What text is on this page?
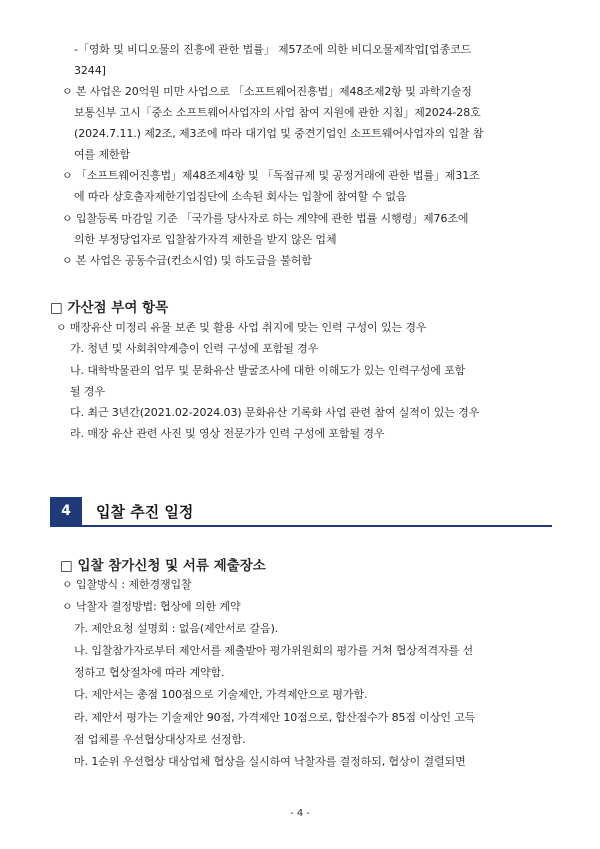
-「영화 및 비디오물의 진흥에 관한 법률」 제57조에 의한 비디오물제작업[업종코드
3244]
ㅇ 본 사업은 20억원 미만 사업으로 「소프트웨어진흥법」제48조제2항 및 과학기술정
보통신부 고시「중소 소프트웨어사업자의 사업 참여 지원에 관한 지침」제2024-28호
(2024.7.11.) 제2조, 제3조에 따라 대기업 및 중견기업인 소프트웨어사업자의 입찰 참
여를 제한함
ㅇ 「소프트웨어진흥법」제48조제4항 및 「독점규제 및 공정거래에 관한 법률」제31조
에 따라 상호출자제한기업집단에 소속된 회사는 입찰에 참여할 수 없음
ㅇ 입찰등록 마감일 기준 「국가를 당사자로 하는 계약에 관한 법률 시행령」제76조에
의한 부정당업자로 입찰참가자격 제한을 받지 않은 업체
ㅇ 본 사업은 공동수급(컨소시엄) 및 하도급을 불허함
□ 가산점 부여 항목
ㅇ 매장유산 미정리 유물 보존 및 활용 사업 취지에 맞는 인력 구성이 있는 경우
가. 청년 및 사회취약계층이 인력 구성에 포함될 경우
나. 대학박물관의 업무 및 문화유산 발굴조사에 대한 이해도가 있는 인력구성에 포함
될 경우
다. 최근 3년간(2021.02-2024.03) 문화유산 기록화 사업 관련 참여 실적이 있는 경우
라. 매장 유산 관련 사진 및 영상 전문가가 인력 구성에 포함될 경우
4	입찰 추진 일정
□ 입찰 참가신청 및 서류 제출장소
ㅇ 입찰방식 : 제한경쟁입찰
ㅇ 낙찰자 결정방법: 협상에 의한 계약
가. 제안요청 설명회 : 없음(제안서로 갈음).
나. 입찰참가자로부터 제안서를 제출받아 평가위원회의 평가를 거쳐 협상적격자를 선
정하고 협상절차에 따라 계약함.
다. 제안서는 총점 100점으로 기술제안, 가격제안으로 평가함.
라. 제안서 평가는 기술제안 90점, 가격제안 10점으로, 합산점수가 85점 이상인 고득
점 업체를 우선협상대상자로 선정함.
마. 1순위 우선협상 대상업체 협상을 실시하여 낙찰자를 결정하되, 협상이 결렬되면
- 4 -
